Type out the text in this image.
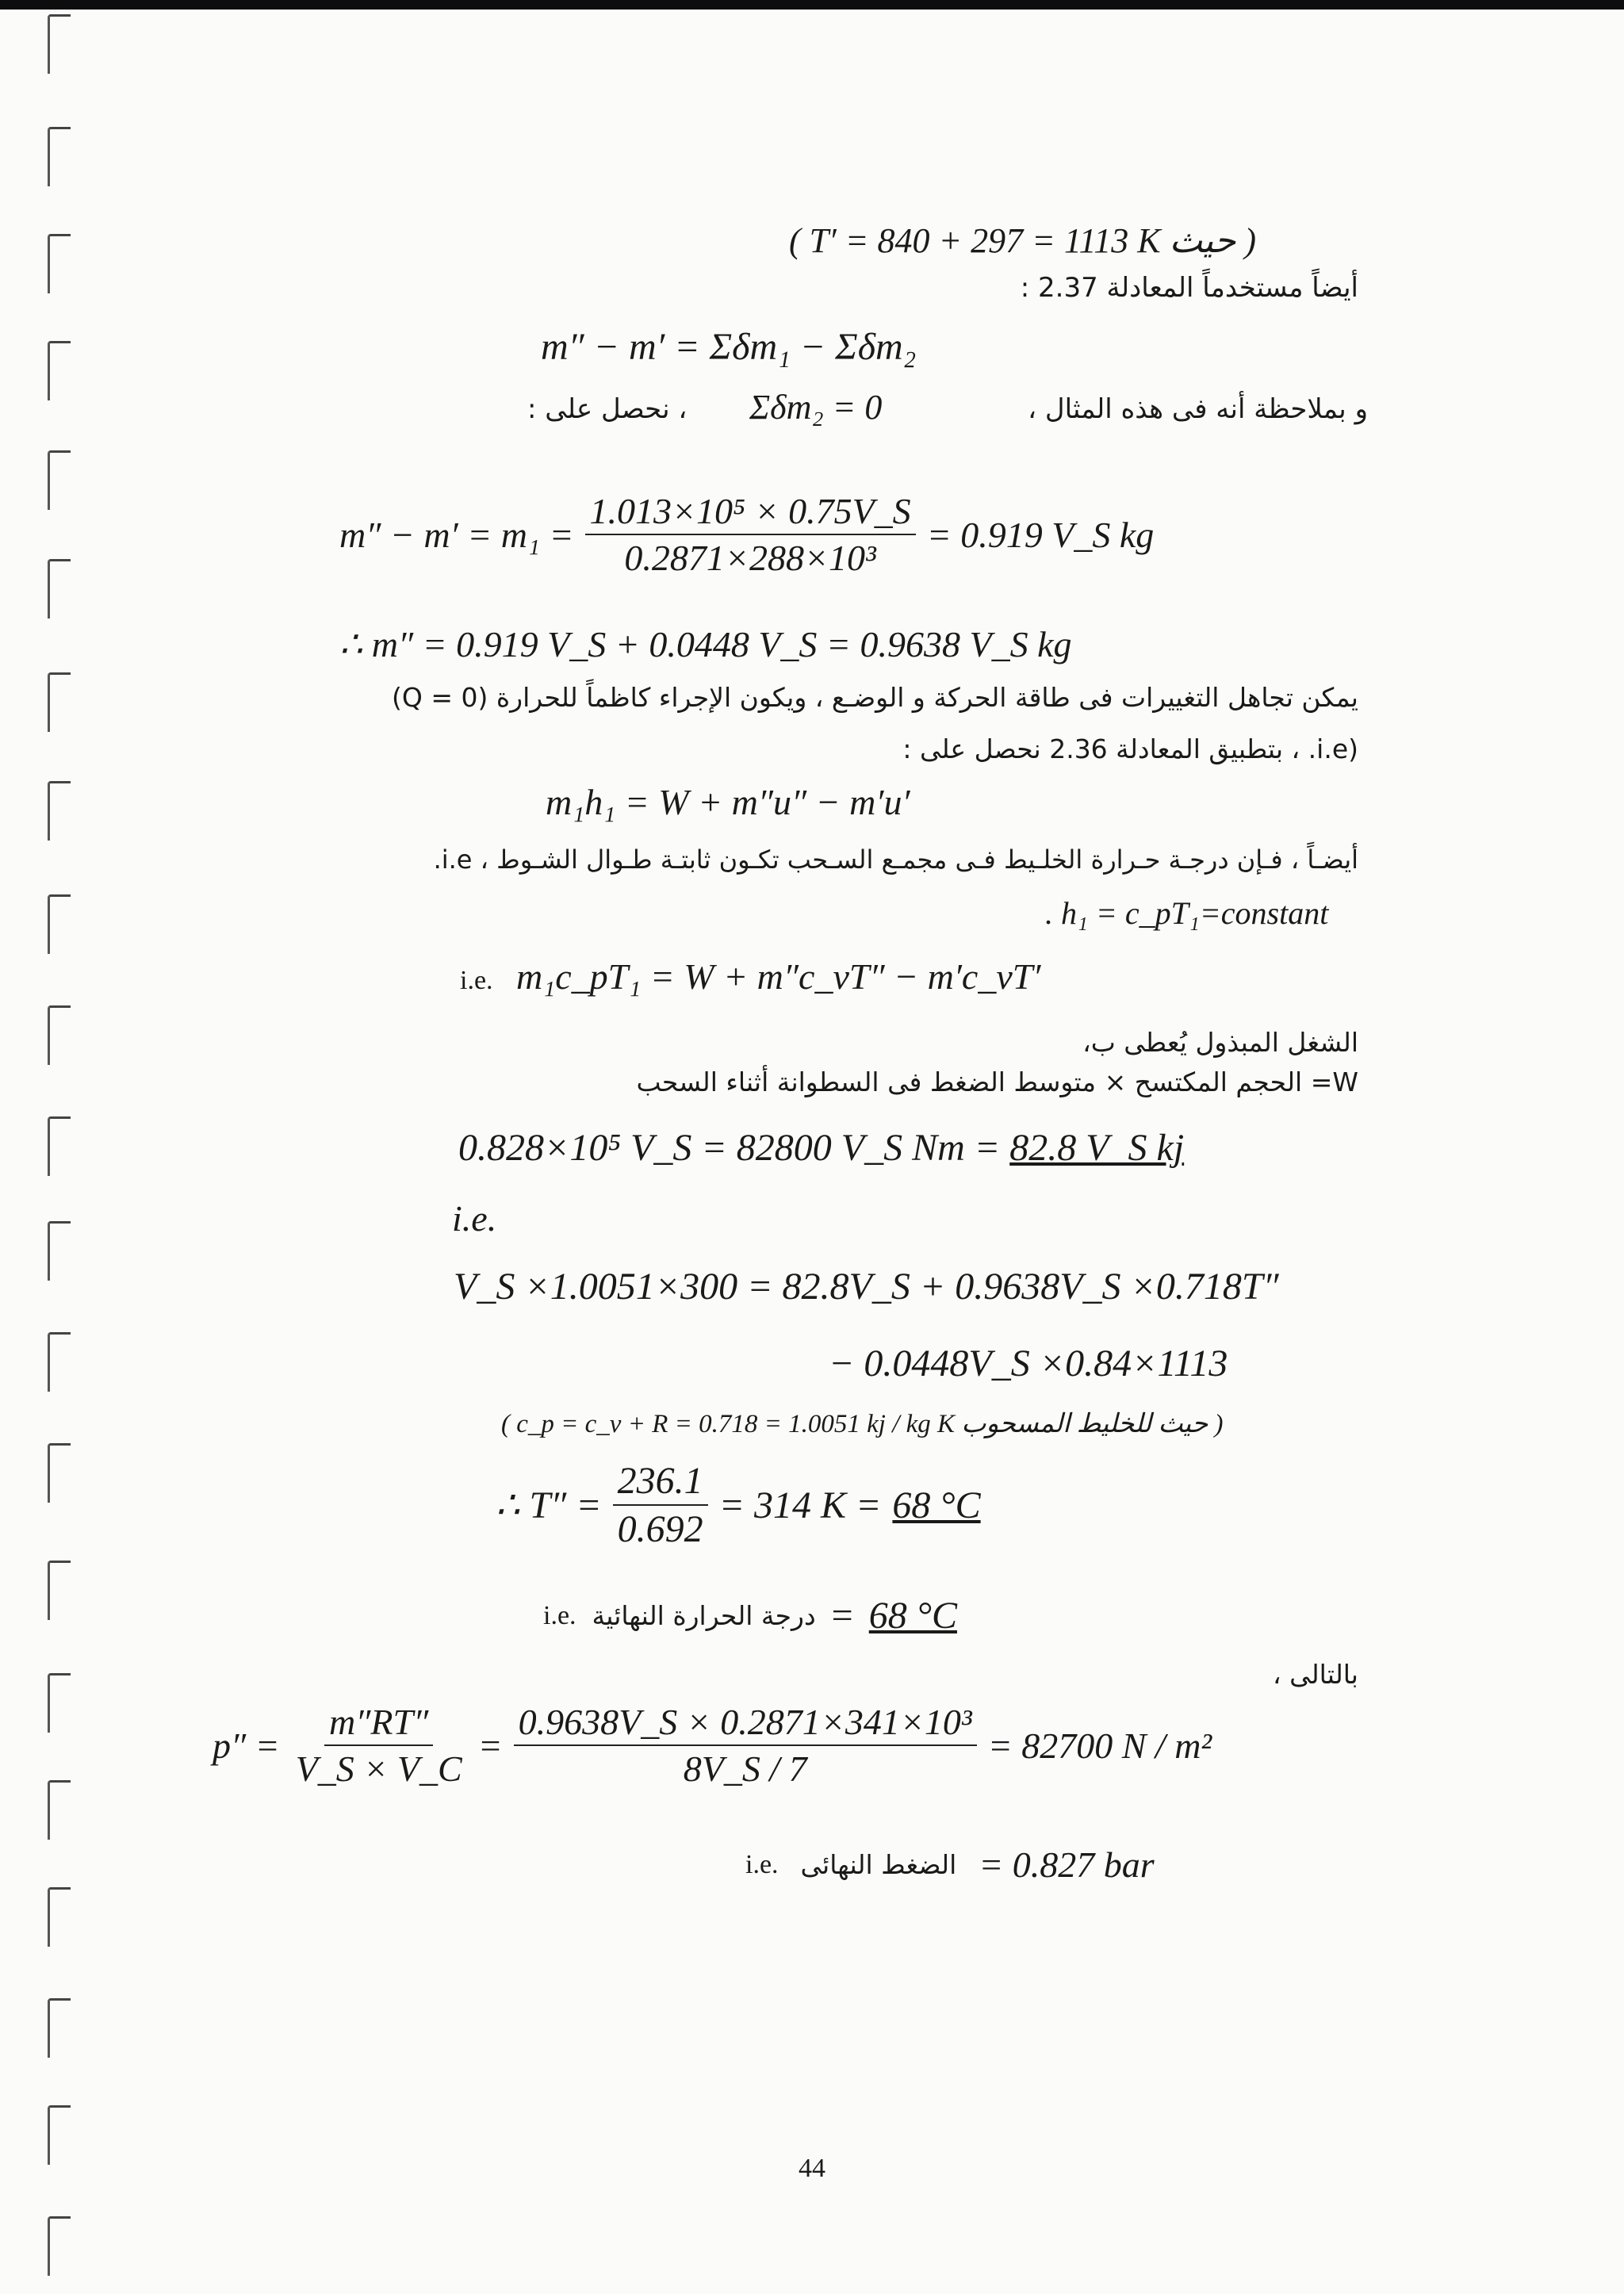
( T′ = 840 + 297 = 1113 K حيث )
أيضاً مستخدماً المعادلة 2.37 :
m″ − m′ = Σδm₁ − Σδm₂
و بملاحظة أنه فى هذه المثال ،
Σδm₂ = 0
، نحصل على :
$m'' - m' = m_1 = \frac{\text{1.013×10⁵ × 0.75V\_S}}{\text{0.2871×288×10³}} = 0.919$ V_S kg
∴ m″ = 0.919 V_S + 0.0448 V_S = 0.9638 V_S kg
يمكن تجاهل التغييرات فى طاقة الحركة و الوضـع ، ويكون الإجراء كاظماً للحرارة (Q = 0)
(i.e. ، بتطبيق المعادلة 2.36 نحصل على :
m₁h₁ = W + m″u″ − m′u′
أيضـاً ، فـإن درجـة حـرارة الخلـيط فـى مجمـع السـحب تكـون ثابتـة طـوال الشـوط ، i.e.
. h₁ = c_pT₁=constant
i.e. m₁c_pT₁ = W + m″c_vT″ − m′c_vT′
الشغل المبذول يُعطى ب،
W= الحجم المكتسح × متوسط الضغط فى السطوانة أثناء السحب
0.828×10⁵ V_S = 82800 V_S Nm = 82.8 V_S kj
i.e.
V_S ×1.0051×300 = 82.8V_S + 0.9638V_S ×0.718T″
− 0.0448V_S ×0.84×1113
( c_p = c_v + R = 0.718 = 1.0051 kj / kg K حيث للخليط المسحوب )
∴ $T'' = \frac{236.1}{0.692} = 314$ K = 68 °C
i.e. درجة الحرارة النهائية = 68 °C
بالتالى ،
$p'' = \frac{m''RT''}{V\_S \times V\_C} = \frac{\text{0.9638V\_S × 0.2871×341×10³}}{8V\_S / 7} = 82700$ N / m²
i.e. الضغط النهائى = 0.827 bar
44
